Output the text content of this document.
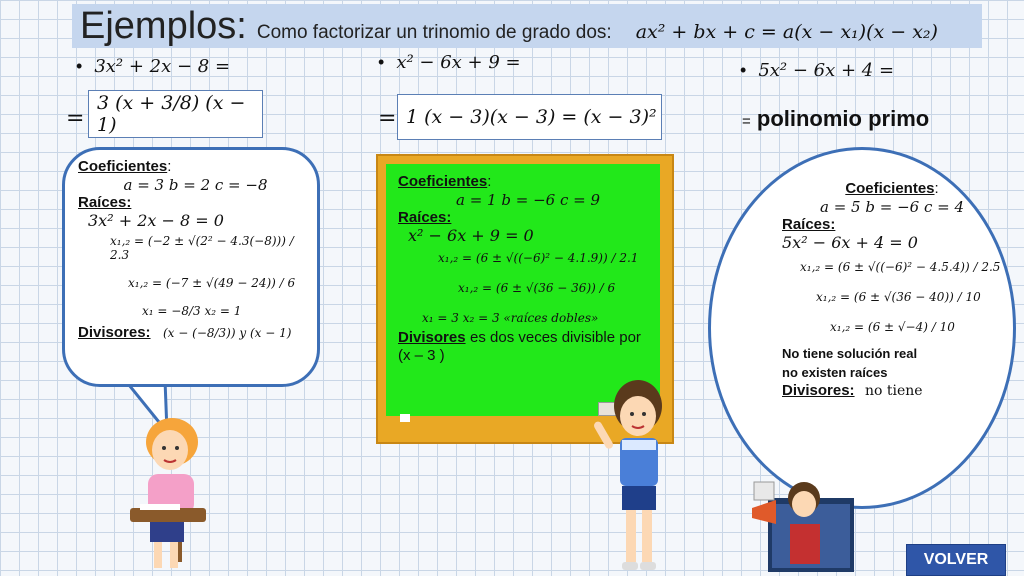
Ejemplos: Como factorizar un trinomio de grado dos: ax² + bx + c = a(x − x₁)(x − x₂)
• 3x² + 2x − 8 =
=
3 (x + 3/8) (x − 1)
• x² − 6x + 9 =
= 1 (x − 3)(x − 3) = (x − 3)²
• 5x² − 6x + 4 =
= polinomio primo
Coeficientes:
a = 3 b = 2 c = −8
Raíces:
3x² + 2x − 8 = 0
x₁,₂ = (−2 ± √(2² − 4.3(−8))) / 2.3
x₁,₂ = (−7 ± √(49 − 24)) / 6
x₁ = −8/3 x₂ = 1
Divisores: (x − (−8/3)) y (x − 1)
Coeficientes:
a = 1 b = −6 c = 9
Raíces:
x² − 6x + 9 = 0
x₁,₂ = (6 ± √((−6)² − 4.1.9)) / 2.1
x₁,₂ = (6 ± √(36 − 36)) / 6
x₁ = 3 x₂ = 3 «raíces dobles»
Divisores es dos veces divisible por (x – 3 )
Coeficientes:
a = 5 b = −6 c = 4
Raíces:
5x² − 6x + 4 = 0
x₁,₂ = (6 ± √((−6)² − 4.5.4)) / 2.5
x₁,₂ = (6 ± √(36 − 40)) / 10
x₁,₂ = (6 ± √−4) / 10
No tiene solución real
no existen raíces
Divisores: no tiene
VOLVER
